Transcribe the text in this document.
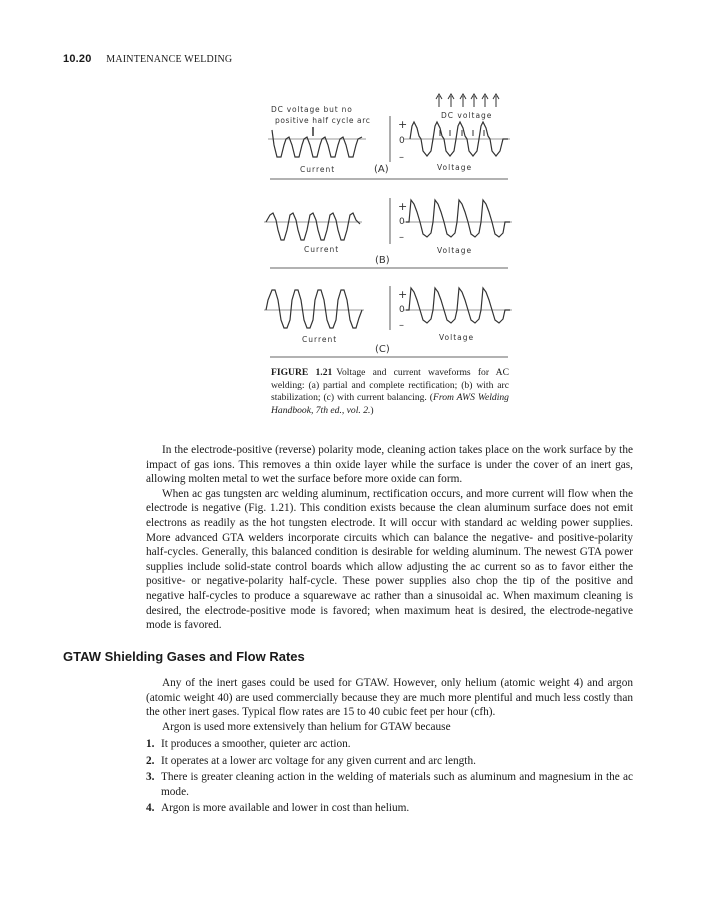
10.20 MAINTENANCE WELDING
DC voltage but no
positive half cycle arc
Current	(A)
+
0
–
DC voltage
Voltage
Current
+
0
–
Voltage
(B)
Current
+
0
–
Voltage
(C)
FIGURE 1.21 Voltage and current waveforms for AC welding: (a) partial and complete rectification; (b) with arc stabilization; (c) with current balancing. (From AWS Welding Handbook, 7th ed., vol. 2.)

In the electrode-positive (reverse) polarity mode, cleaning action takes place on the work surface by the impact of gas ions. This removes a thin oxide layer while the surface is under the cover of an inert gas, allowing molten metal to wet the surface before more oxide can form.

When ac gas tungsten arc welding aluminum, rectification occurs, and more current will flow when the electrode is negative (Fig. 1.21). This condition exists because the clean aluminum surface does not emit electrons as readily as the hot tungsten electrode. It will occur with standard ac welding power supplies. More advanced GTA welders incorporate circuits which can balance the negative- and positive-polarity half-cycles. Generally, this balanced condition is desirable for welding aluminum. The newest GTA power supplies include solid-state control boards which allow adjusting the ac current so as to favor either the positive- or negative-polarity half-cycle. These power supplies also chop the tip of the positive and negative half-cycles to produce a squarewave ac rather than a sinusoidal ac. When maximum cleaning is desired, the electrode-positive mode is favored; when maximum heat is desired, the electrode-negative mode is favored.

GTAW Shielding Gases and Flow Rates

Any of the inert gases could be used for GTAW. However, only helium (atomic weight 4) and argon (atomic weight 40) are used commercially because they are much more plentiful and much less costly than the other inert gases. Typical flow rates are 15 to 40 cubic feet per hour (cfh).

Argon is used more extensively than helium for GTAW because

1. It produces a smoother, quieter arc action.
2. It operates at a lower arc voltage for any given current and arc length.
3. There is greater cleaning action in the welding of materials such as aluminum and magnesium in the ac mode.
4. Argon is more available and lower in cost than helium.
